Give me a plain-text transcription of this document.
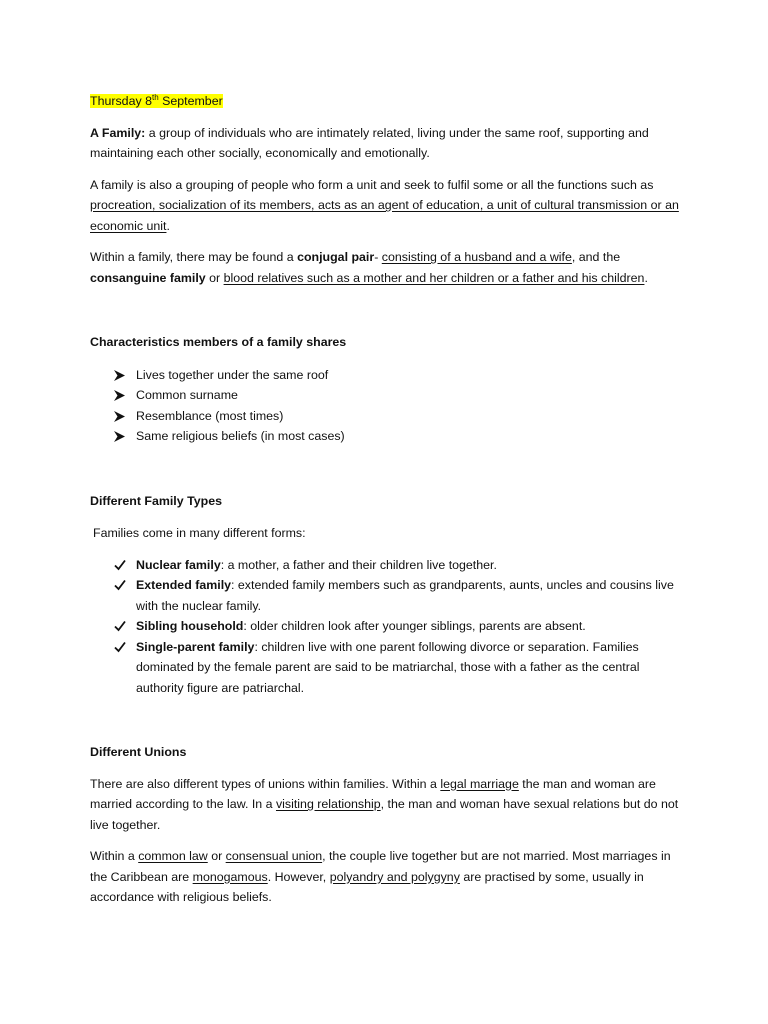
Thursday 8th September

A Family: a group of individuals who are intimately related, living under the same roof, supporting and maintaining each other socially, economically and emotionally.

A family is also a grouping of people who form a unit and seek to fulfil some or all the functions such as procreation, socialization of its members, acts as an agent of education, a unit of cultural transmission or an economic unit.

Within a family, there may be found a conjugal pair- consisting of a husband and a wife, and the consanguine family or blood relatives such as a mother and her children or a father and his children.

Characteristics members of a family shares

Lives together under the same roof
Common surname
Resemblance (most times)
Same religious beliefs (in most cases)

Different Family Types

Families come in many different forms:

Nuclear family: a mother, a father and their children live together.
Extended family: extended family members such as grandparents, aunts, uncles and cousins live with the nuclear family.
Sibling household: older children look after younger siblings, parents are absent.
Single-parent family: children live with one parent following divorce or separation. Families dominated by the female parent are said to be matriarchal, those with a father as the central authority figure are patriarchal.

Different Unions

There are also different types of unions within families. Within a legal marriage the man and woman are married according to the law. In a visiting relationship, the man and woman have sexual relations but do not live together.

Within a common law or consensual union, the couple live together but are not married. Most marriages in the Caribbean are monogamous. However, polyandry and polygyny are practised by some, usually in accordance with religious beliefs.
